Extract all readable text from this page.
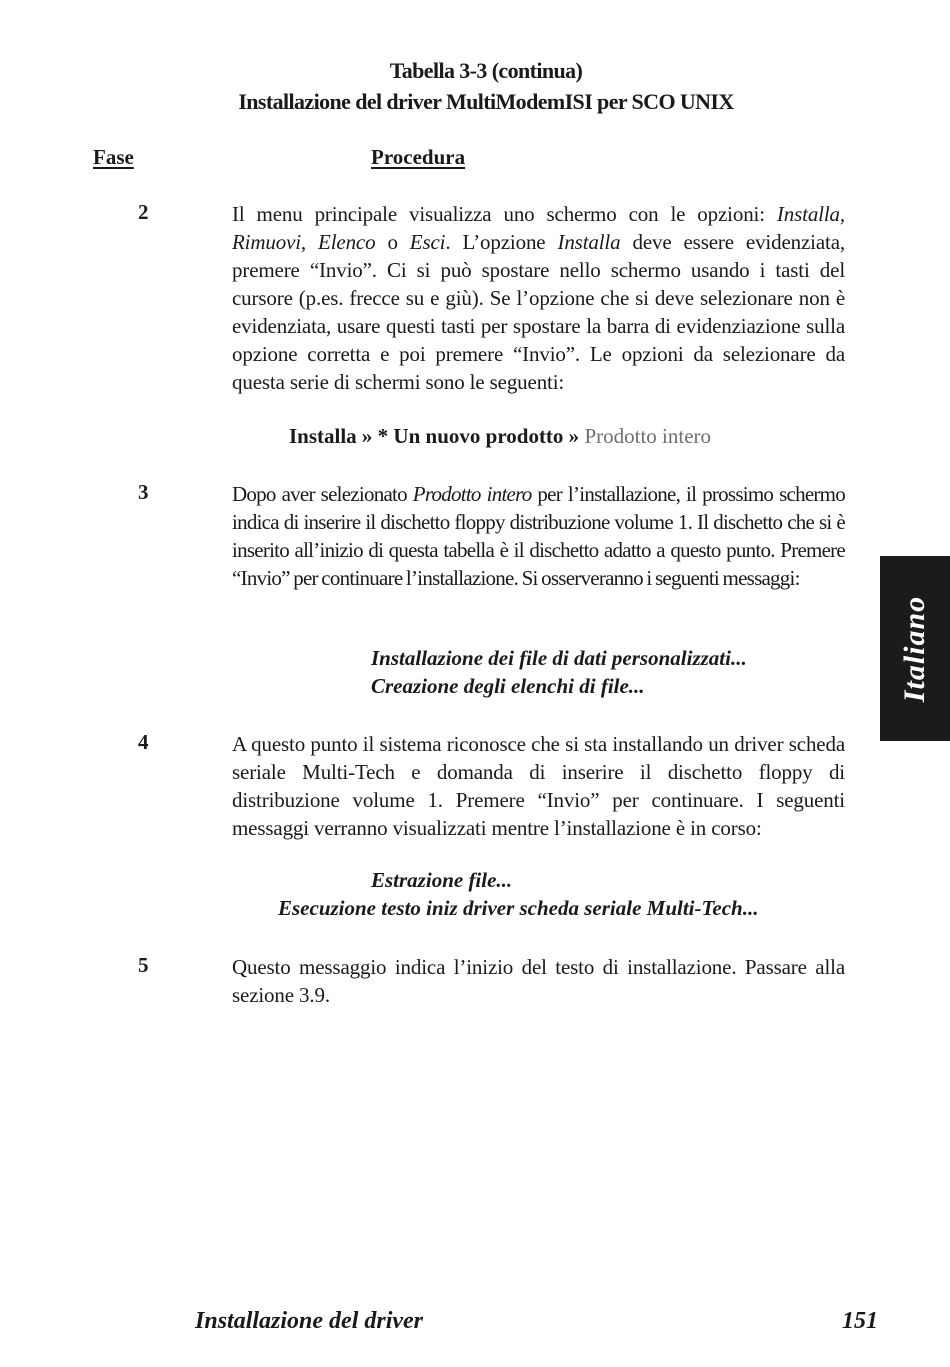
Tabella 3-3 (continua)
Installazione del driver MultiModemISI per SCO UNIX
Fase	Procedura
2	Il menu principale visualizza uno schermo con le opzioni: Installa, Rimuovi, Elenco o Esci. L’opzione Installa deve essere evidenziata, premere “Invio”. Ci si può spostare nello schermo usando i tasti del cursore (p.es. frecce su e giù). Se l’opzione che si deve selezionare non è evidenziata, usare questi tasti per spostare la barra di evidenziazione sulla opzione corretta e poi premere “Invio”. Le opzioni da selezionare da questa serie di schermi sono le seguenti:

Installa » * Un nuovo prodotto » Prodotto intero
3	Dopo aver selezionato Prodotto intero per l’installazione, il prossimo schermo indica di inserire il dischetto floppy distribuzione volume 1. Il dischetto che si è inserito all’inizio di questa tabella è il dischetto adatto a questo punto. Premere “Invio” per continuare l’installazione. Si osserveranno i seguenti messaggi:

Installazione dei file di dati personalizzati...
Creazione degli elenchi di file...
4	A questo punto il sistema riconosce che si sta installando un driver scheda seriale Multi-Tech e domanda di inserire il dischetto floppy di distribuzione volume 1. Premere “Invio” per continuare. I seguenti messaggi verranno visualizzati mentre l’installazione è in corso:

Estrazione file...
Esecuzione testo iniz driver scheda seriale Multi-Tech...
5	Questo messaggio indica l’inizio del testo di installazione. Passare alla sezione 3.9.

Italiano
Installazione del driver	151
